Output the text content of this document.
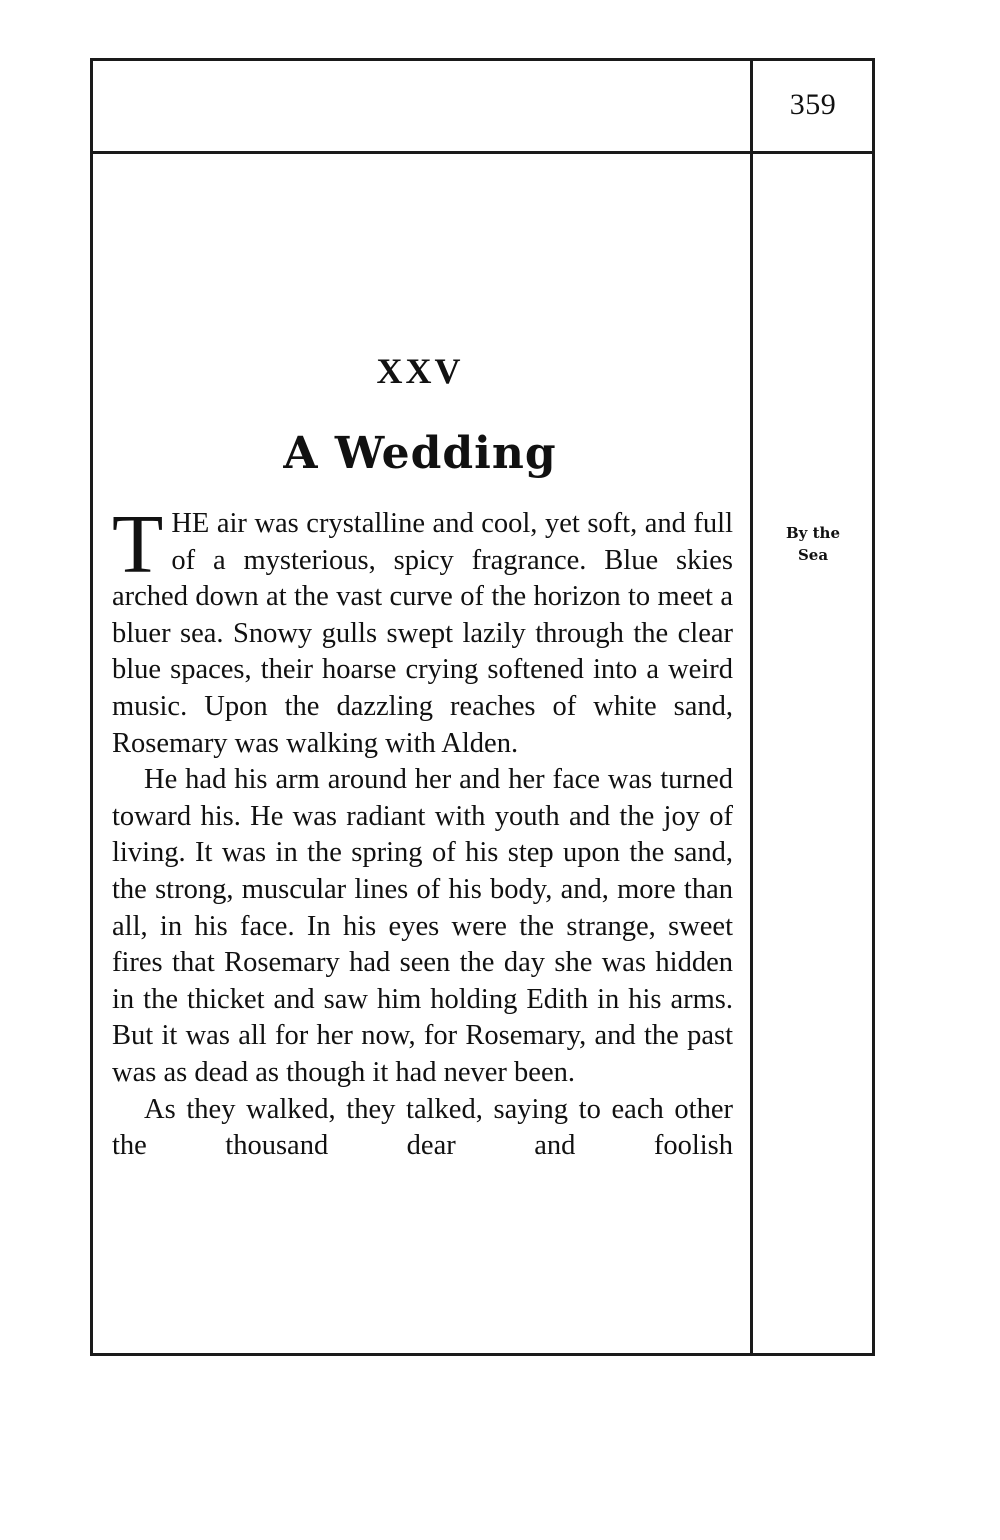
359
XXV
A Wedding

THE air was crystalline and cool, yet soft, and full of a mysterious, spicy fragrance. Blue skies arched down at the vast curve of the horizon to meet a bluer sea. Snowy gulls swept lazily through the clear blue spaces, their hoarse crying softened into a weird music. Upon the dazzling reaches of white sand, Rosemary was walking with Alden.

He had his arm around her and her face was turned toward his. He was radiant with youth and the joy of living. It was in the spring of his step upon the sand, the strong, muscular lines of his body, and, more than all, in his face. In his eyes were the strange, sweet fires that Rosemary had seen the day she was hidden in the thicket and saw him holding Edith in his arms. But it was all for her now, for Rosemary, and the past was as dead as though it had never been.

As they walked, they talked, saying to each other the thousand dear and foolish

By the
Sea
